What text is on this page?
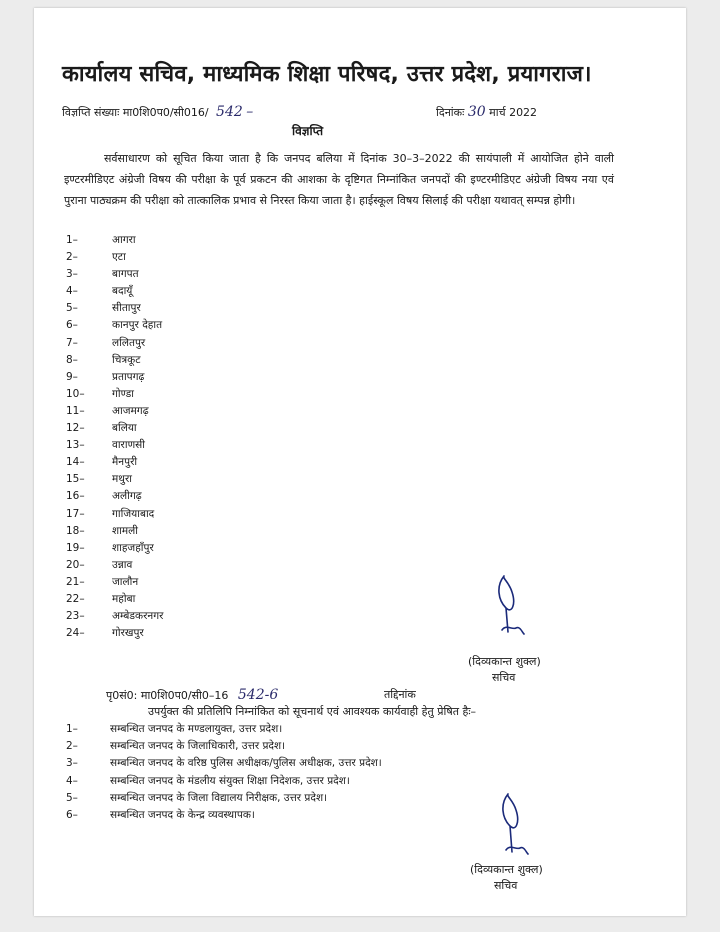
कार्यालय सचिव, माध्यमिक शिक्षा परिषद, उत्तर प्रदेश, प्रयागराज।
विज्ञप्ति संख्याः मा0शि0प0/सी016/ 542 –	दिनांकः 30 मार्च 2022
विज्ञप्ति
सर्वसाधारण को सूचित किया जाता है कि जनपद बलिया में दिनांक 30–3–2022 की सायंपाली में आयोजित होने वाली इण्टरमीडिएट अंग्रेजी विषय की परीक्षा के पूर्व प्रकटन की आशका के दृष्टिगत निम्नांकित जनपदों की इण्टरमीडिएट अंग्रेजी विषय नया एवं पुराना पाठ्यक्रम की परीक्षा को तात्कालिक प्रभाव से निरस्त किया जाता है। हाईस्कूल विषय सिलाई की परीक्षा यथावत् सम्पन्न होगी।
1–	आगरा
2–	एटा
3–	बागपत
4–	बदायूँ
5–	सीतापुर
6–	कानपुर देहात
7–	ललितपुर
8–	चित्रकूट
9–	प्रतापगढ़
10–	गोण्डा
11–	आजमगढ़
12–	बलिया
13–	वाराणसी
14–	मैनपुरी
15–	मथुरा
16–	अलीगढ़
17–	गाजियाबाद
18–	शामली
19–	शाहजहाँपुर
20–	उन्नाव
21–	जालौन
22–	महोबा
23–	अम्बेडकरनगर
24–	गोरखपुर
(दिव्यकान्त शुक्ल)
सचिव
पृ0सं0: मा0शि0प0/सी0–16 542-6	तद्दिनांक
उपर्युक्त की प्रतिलिपि निम्नांकित को सूचनार्थ एवं आवश्यक कार्यवाही हेतु प्रेषित हैः–
1–	सम्बन्धित जनपद के मण्डलायुक्त, उत्तर प्रदेश।
2–	सम्बन्धित जनपद के जिलाधिकारी, उत्तर प्रदेश।
3–	सम्बन्धित जनपद के वरिष्ठ पुलिस अधीक्षक/पुलिस अधीक्षक, उत्तर प्रदेश।
4–	सम्बन्धित जनपद के मंडलीय संयुक्त शिक्षा निदेशक, उत्तर प्रदेश।
5–	सम्बन्धित जनपद के जिला विद्यालय निरीक्षक, उत्तर प्रदेश।
6–	सम्बन्धित जनपद के केन्द्र व्यवस्थापक।
(दिव्यकान्त शुक्ल)
सचिव
